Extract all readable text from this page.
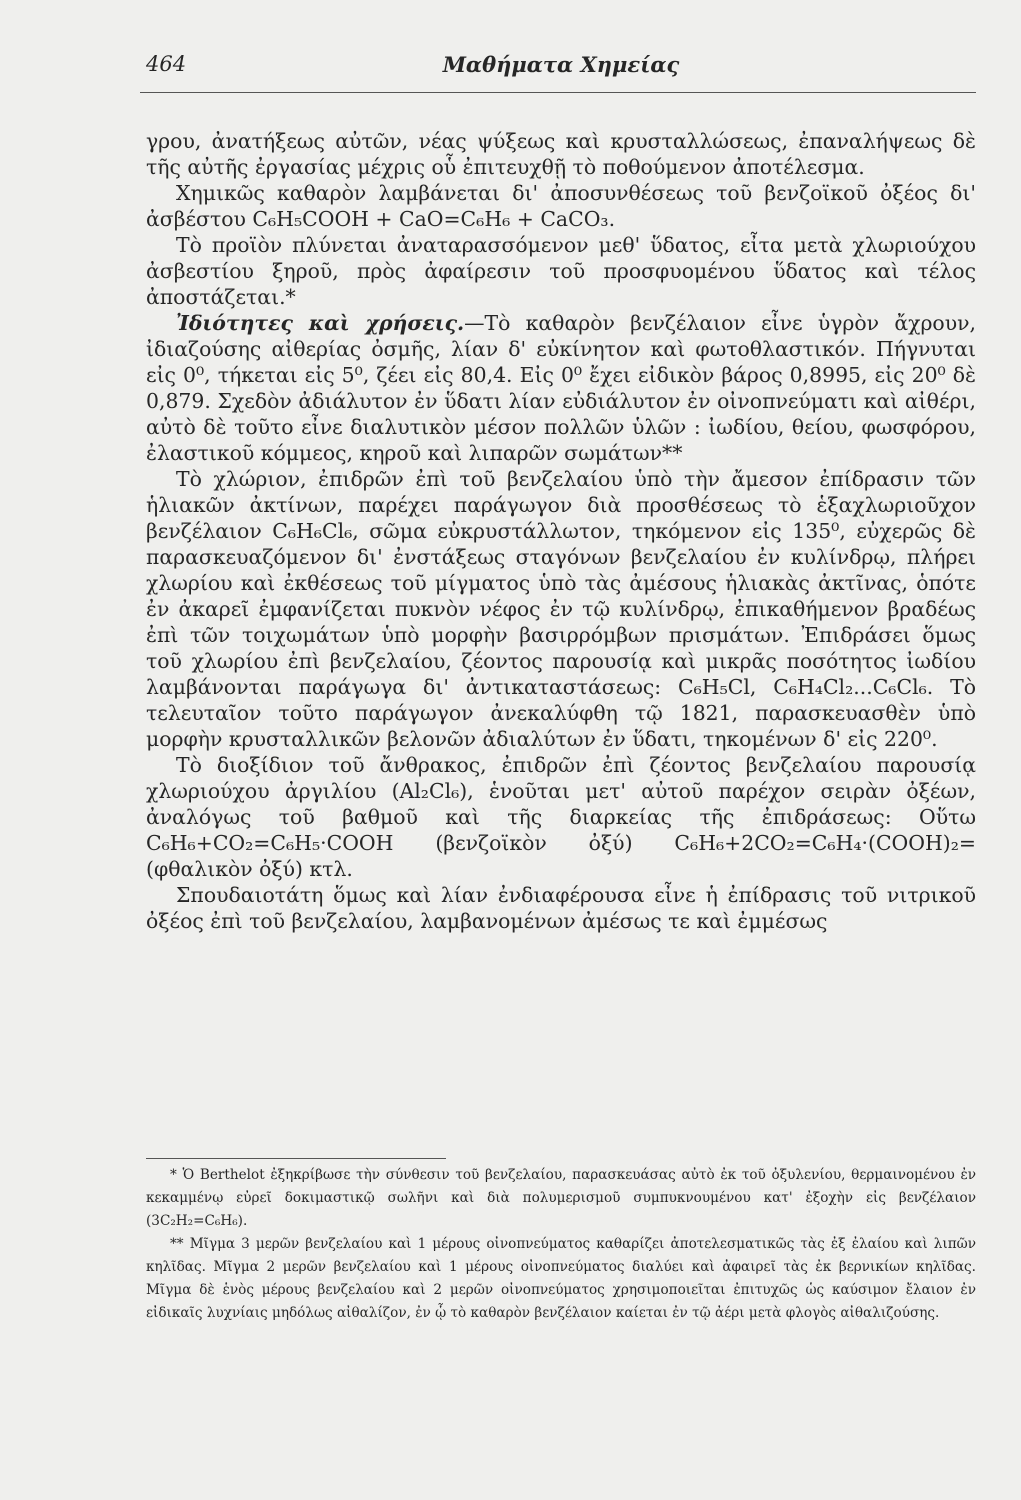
464	Μαθήματα Χημείας

γρου, ἀνατήξεως αὐτῶν, νέας ψύξεως καὶ κρυσταλλώσεως, ἐπαναλήψεως δὲ τῆς αὐτῆς ἐργασίας μέχρις οὗ ἐπιτευχθῇ τὸ ποθούμενον ἀποτέλεσμα.

Χημικῶς καθαρὸν λαμβάνεται δι' ἀποσυνθέσεως τοῦ βενζοϊκοῦ ὀξέος δι' ἀσβέστου C₆H₅COOH + CaO=C₆H₆ + CaCO₃.

Τὸ προϊὸν πλύνεται ἀναταρασσόμενον μεθ' ὕδατος, εἶτα μετὰ χλωριούχου ἀσβεστίου ξηροῦ, πρὸς ἀφαίρεσιν τοῦ προσφυομένου ὕδατος καὶ τέλος ἀποστάζεται.*

Ἰδιότητες καὶ χρήσεις.—Τὸ καθαρὸν βενζέλαιον εἶνε ὑγρὸν ἄχρουν, ἰδιαζούσης αἰθερίας ὀσμῆς, λίαν δ' εὐκίνητον καὶ φωτοθλαστικόν. Πήγνυται εἰς 0⁰, τήκεται εἰς 5⁰, ζέει εἰς 80,4. Εἰς 0⁰ ἔχει εἰδικὸν βάρος 0,8995, εἰς 20⁰ δὲ 0,879. Σχεδὸν ἀδιάλυτον ἐν ὕδατι λίαν εὐδιάλυτον ἐν οἰνοπνεύματι καὶ αἰθέρι, αὐτὸ δὲ τοῦτο εἶνε διαλυτικὸν μέσον πολλῶν ὑλῶν : ἰωδίου, θείου, φωσφόρου, ἐλαστικοῦ κόμμεος, κηροῦ καὶ λιπαρῶν σωμάτων**

Τὸ χλώριον, ἐπιδρῶν ἐπὶ τοῦ βενζελαίου ὑπὸ τὴν ἄμεσον ἐπίδρασιν τῶν ἡλιακῶν ἀκτίνων, παρέχει παράγωγον διὰ προσθέσεως τὸ ἑξαχλωριοῦχον βενζέλαιον C₆H₆Cl₆, σῶμα εὐκρυστάλλωτον, τηκόμενον εἰς 135⁰, εὐχερῶς δὲ παρασκευαζόμενον δι' ἐνστάξεως σταγόνων βενζελαίου ἐν κυλίνδρῳ, πλήρει χλωρίου καὶ ἐκθέσεως τοῦ μίγματος ὑπὸ τὰς ἀμέσους ἡλιακὰς ἀκτῖνας, ὁπότε ἐν ἀκαρεῖ ἐμφανίζεται πυκνὸν νέφος ἐν τῷ κυλίνδρῳ, ἐπικαθήμενον βραδέως ἐπὶ τῶν τοιχωμάτων ὑπὸ μορφὴν βασιρρόμβων πρισμάτων. Ἐπιδράσει ὅμως τοῦ χλωρίου ἐπὶ βενζελαίου, ζέοντος παρουσίᾳ καὶ μικρᾶς ποσότητος ἰωδίου λαμβάνονται παράγωγα δι' ἀντικαταστάσεως: C₆H₅Cl, C₆H₄Cl₂...C₆Cl₆. Τὸ τελευταῖον τοῦτο παράγωγον ἀνεκαλύφθη τῷ 1821, παρασκευασθὲν ὑπὸ μορφὴν κρυσταλλικῶν βελονῶν ἀδιαλύτων ἐν ὕδατι, τηκομένων δ' εἰς 220⁰.

Τὸ διοξίδιον τοῦ ἄνθρακος, ἐπιδρῶν ἐπὶ ζέοντος βενζελαίου παρουσίᾳ χλωριούχου ἀργιλίου (Al₂Cl₆), ἑνοῦται μετ' αὐτοῦ παρέχον σειρὰν ὀξέων, ἀναλόγως τοῦ βαθμοῦ καὶ τῆς διαρκείας τῆς ἐπιδράσεως: Οὕτω C₆H₆+CO₂=C₆H₅·COOH (βενζοϊκὸν ὀξύ) C₆H₆+2CO₂=C₆H₄·(COOH)₂=(φθαλικὸν ὀξύ) κτλ.

Σπουδαιοτάτη ὅμως καὶ λίαν ἐνδιαφέρουσα εἶνε ἡ ἐπίδρασις τοῦ νιτρικοῦ ὀξέος ἐπὶ τοῦ βενζελαίου, λαμβανομένων ἀμέσως τε καὶ ἐμμέσως

* Ὁ Berthelot ἐξηκρίβωσε τὴν σύνθεσιν τοῦ βενζελαίου, παρασκευάσας αὐτὸ ἐκ τοῦ ὀξυλενίου, θερμαινομένου ἐν κεκαμμένῳ εὐρεῖ δοκιμαστικῷ σωλῆνι καὶ διὰ πολυμερισμοῦ συμπυκνουμένου κατ' ἐξοχὴν εἰς βενζέλαιον (3C₂H₂=C₆H₆).

** Μῖγμα 3 μερῶν βενζελαίου καὶ 1 μέρους οἰνοπνεύματος καθαρίζει ἀποτελεσματικῶς τὰς ἐξ ἐλαίου καὶ λιπῶν κηλῖδας. Μῖγμα 2 μερῶν βενζελαίου καὶ 1 μέρους οἰνοπνεύματος διαλύει καὶ ἀφαιρεῖ τὰς ἐκ βερνικίων κηλῖδας. Μῖγμα δὲ ἑνὸς μέρους βενζελαίου καὶ 2 μερῶν οἰνοπνεύματος χρησιμοποιεῖται ἐπιτυχῶς ὡς καύσιμον ἔλαιον ἐν εἰδικαῖς λυχνίαις μηδόλως αἰθαλίζον, ἐν ᾧ τὸ καθαρὸν βενζέλαιον καίεται ἐν τῷ ἀέρι μετὰ φλογὸς αἰθαλιζούσης.
